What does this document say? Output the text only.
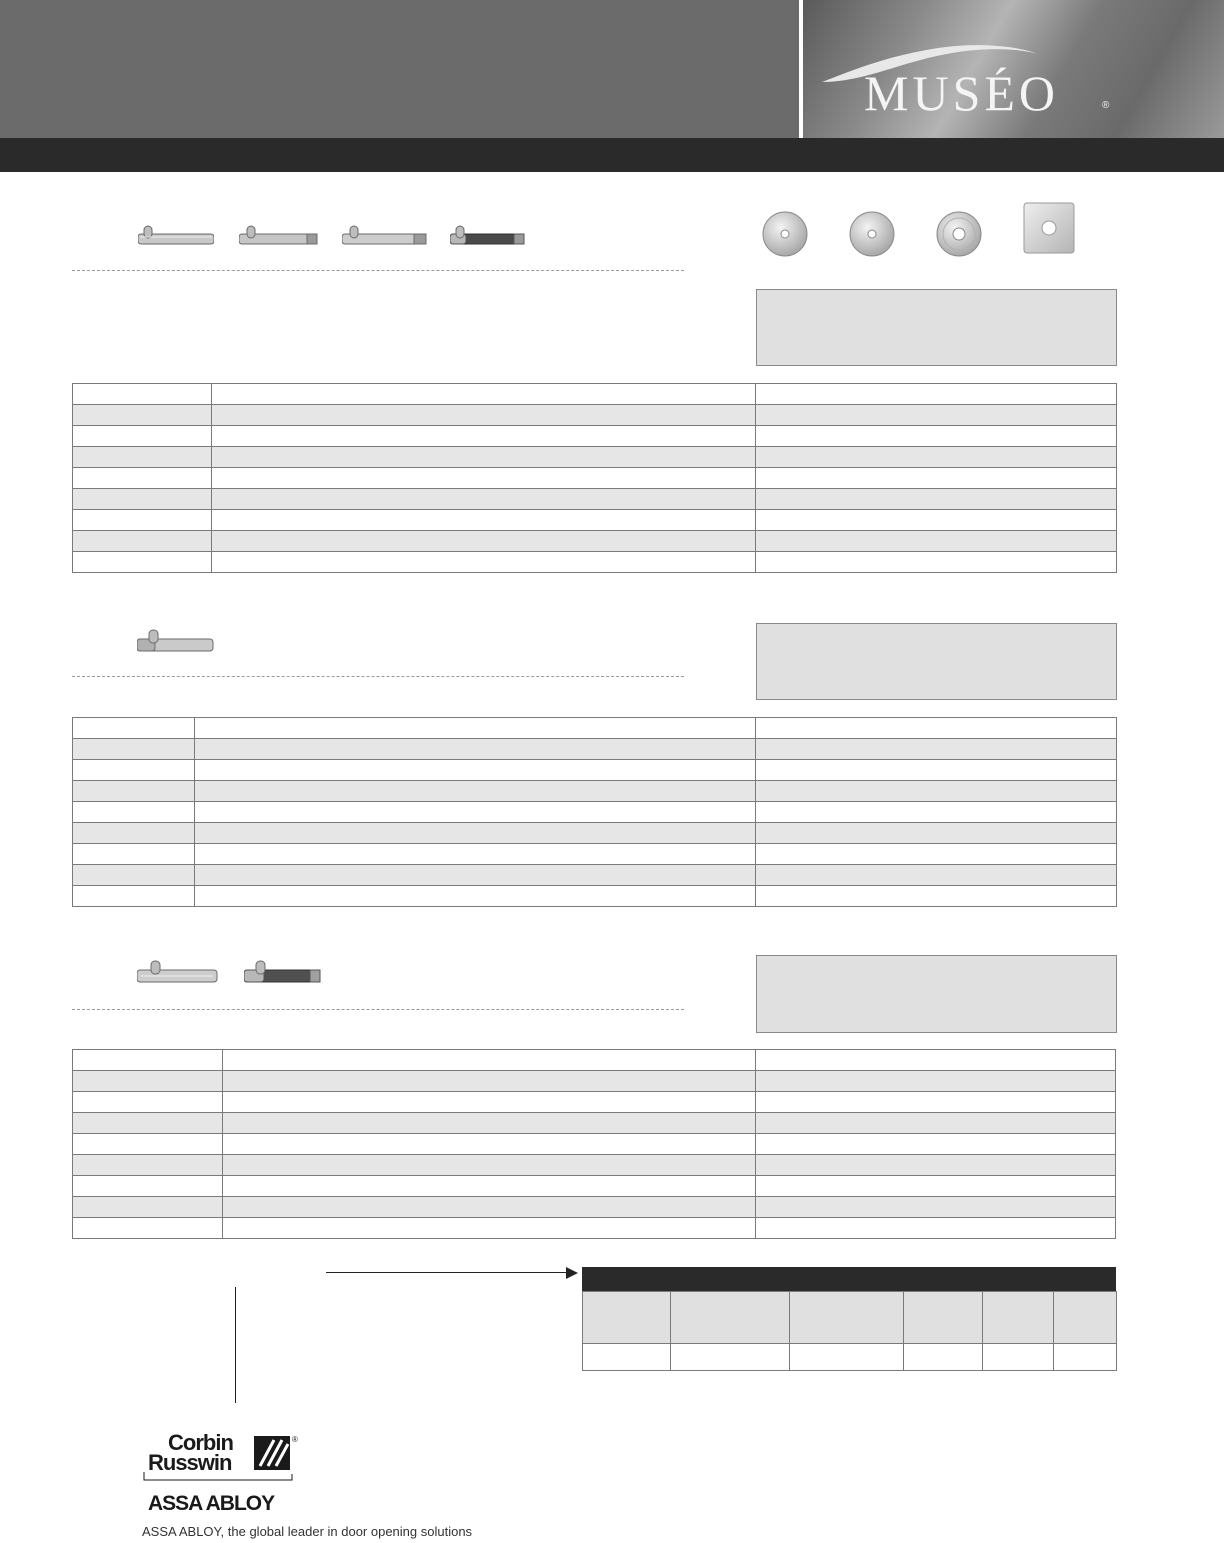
MUSÉO	®

Corbin
Russwin
®
ASSA ABLOY
ASSA ABLOY, the global leader in door opening solutions
